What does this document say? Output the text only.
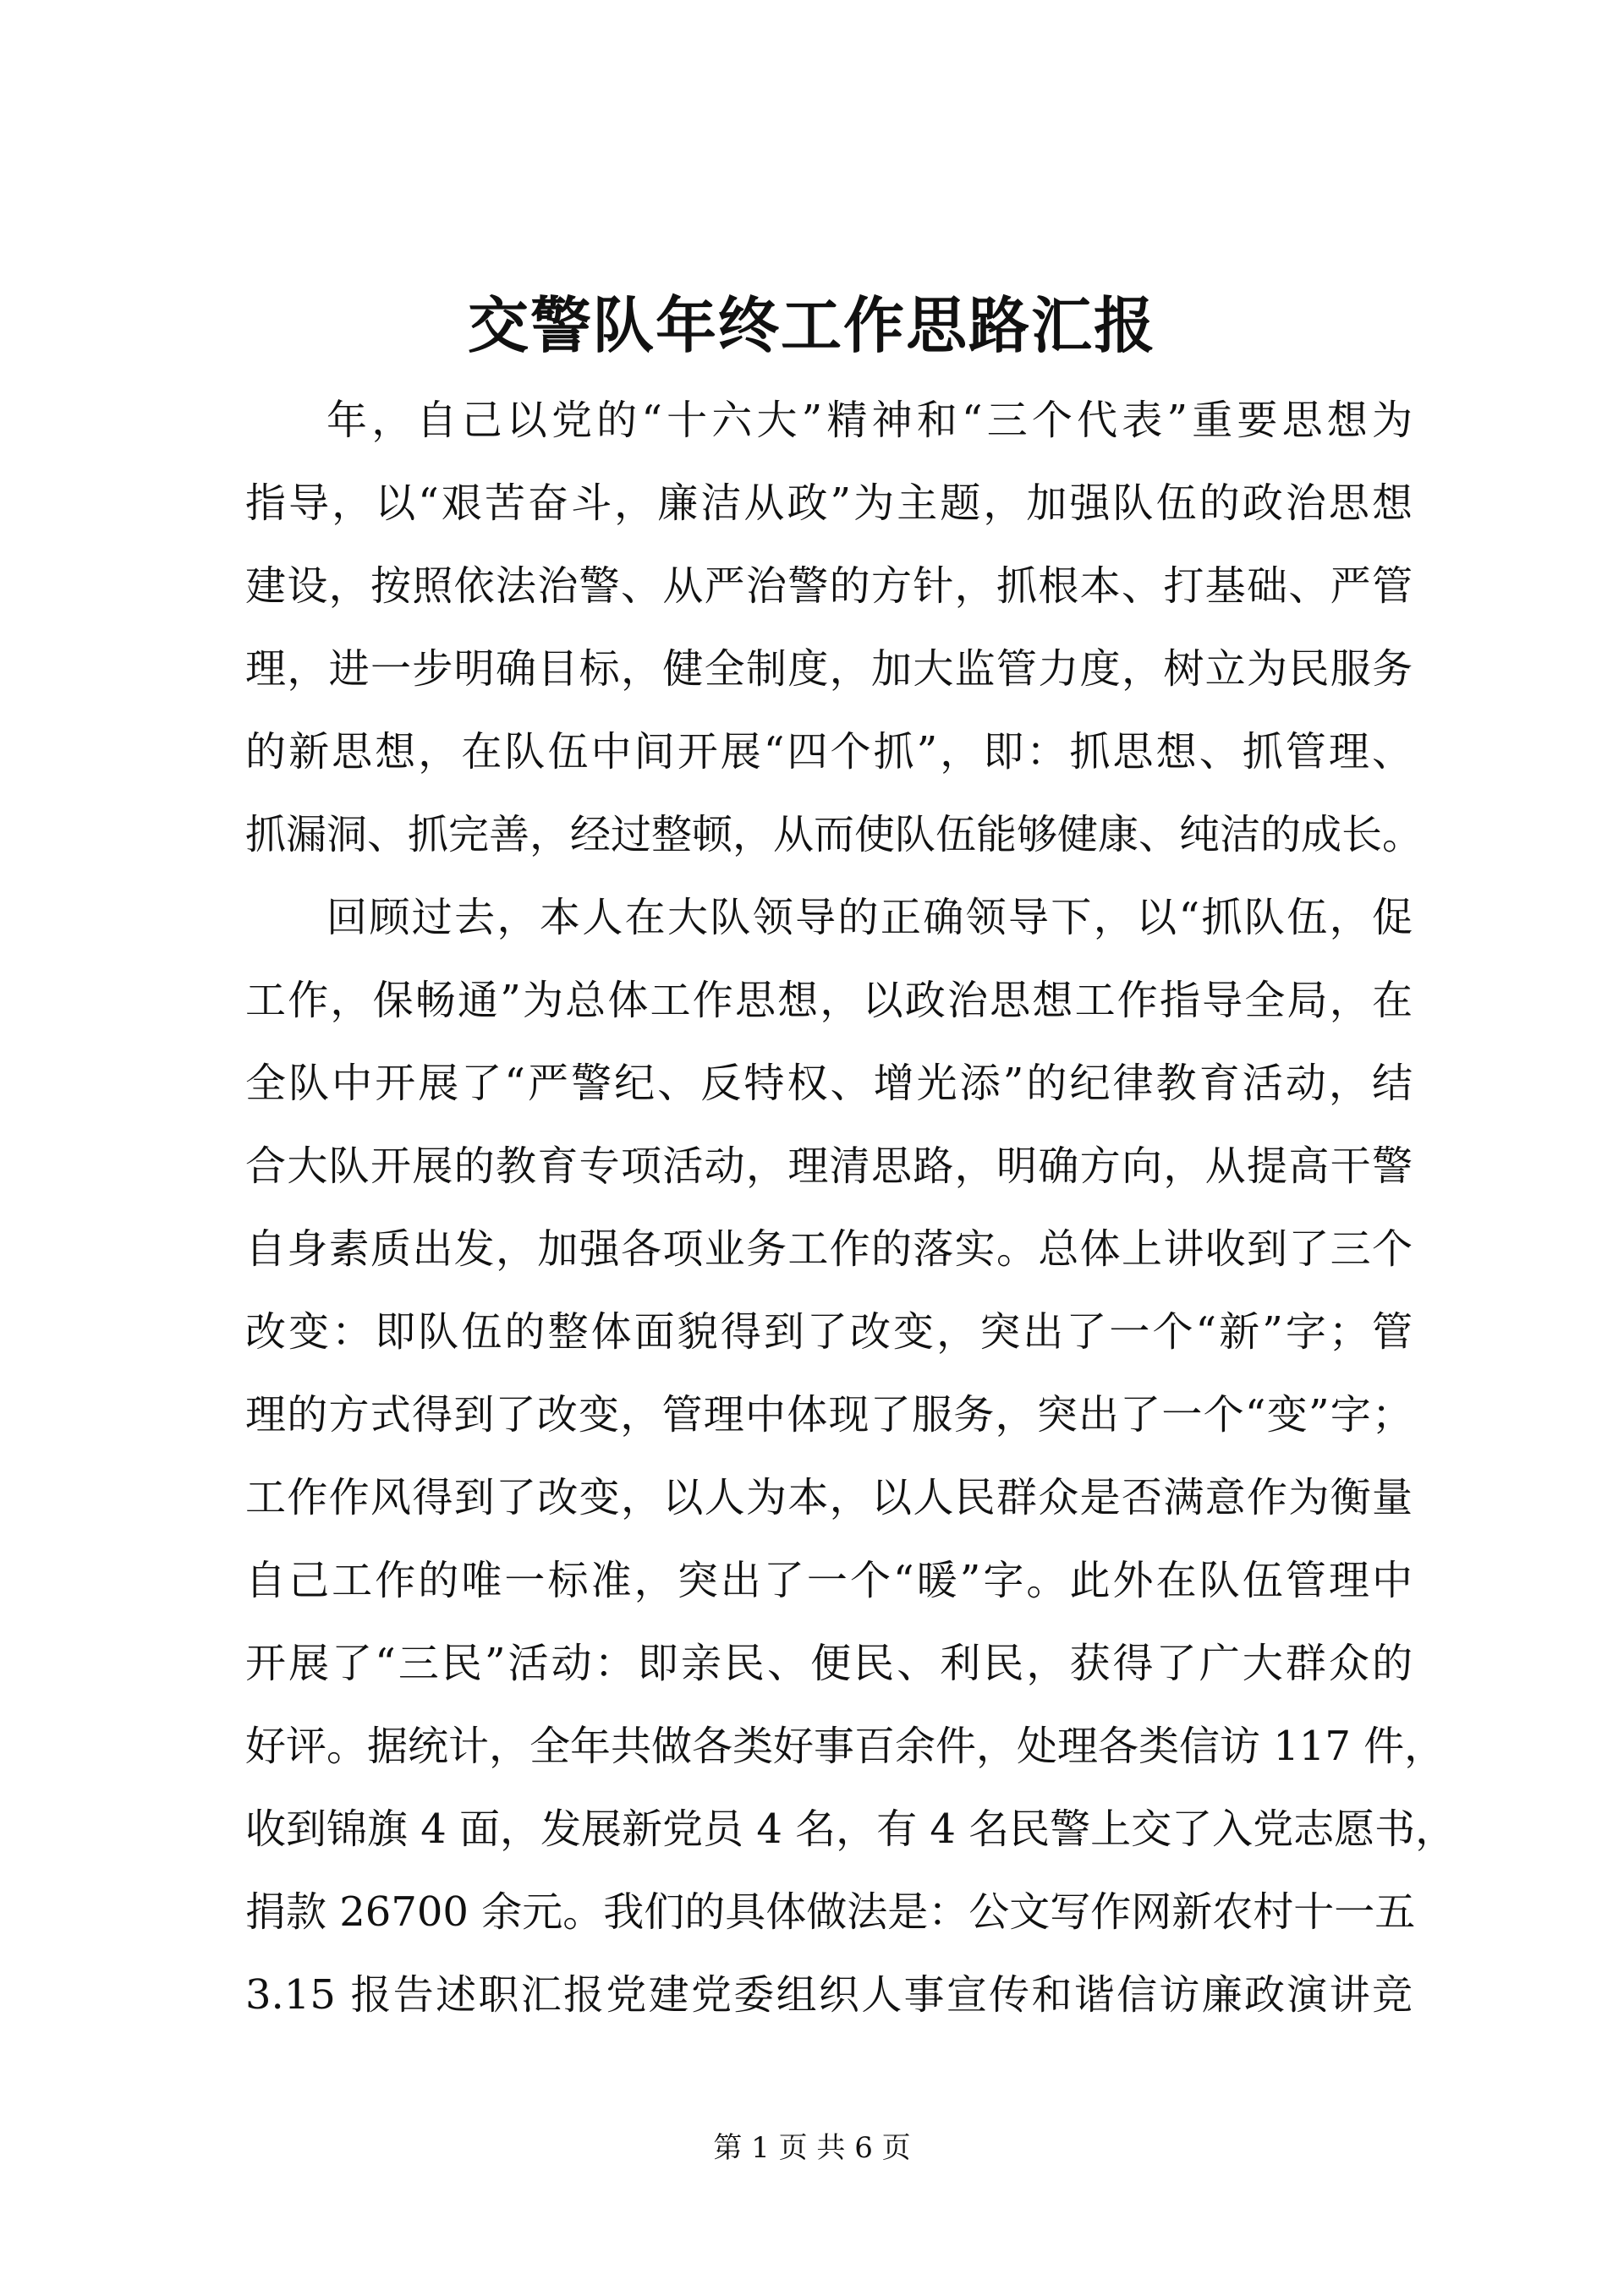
交警队年终工作思路汇报
年，自己以党的“十六大”精神和“三个代表”重要思想为
指导，以“艰苦奋斗，廉洁从政”为主题，加强队伍的政治思想
建设，按照依法治警、从严治警的方针，抓根本、打基础、严管
理，进一步明确目标，健全制度，加大监管力度，树立为民服务
的新思想，在队伍中间开展“四个抓”，即：抓思想、抓管理、
抓漏洞、抓完善，经过整顿，从而使队伍能够健康、纯洁的成长。
回顾过去，本人在大队领导的正确领导下，以“抓队伍，促
工作，保畅通”为总体工作思想，以政治思想工作指导全局，在
全队中开展了“严警纪、反特权、增光添”的纪律教育活动，结
合大队开展的教育专项活动，理清思路，明确方向，从提高干警
自身素质出发，加强各项业务工作的落实。总体上讲收到了三个
改变：即队伍的整体面貌得到了改变，突出了一个“新”字；管
理的方式得到了改变，管理中体现了服务，突出了一个“变”字；
工作作风得到了改变，以人为本，以人民群众是否满意作为衡量
自己工作的唯一标准，突出了一个“暖”字。此外在队伍管理中
开展了“三民”活动：即亲民、便民、利民，获得了广大群众的
好评。据统计，全年共做各类好事百余件，处理各类信访 117 件，
收到锦旗 4 面，发展新党员 4 名，有 4 名民警上交了入党志愿书，
捐款 26700 余元。我们的具体做法是：公文写作网新农村十一五
3.15 报告述职汇报党建党委组织人事宣传和谐信访廉政演讲竞
第 1 页 共 6 页
